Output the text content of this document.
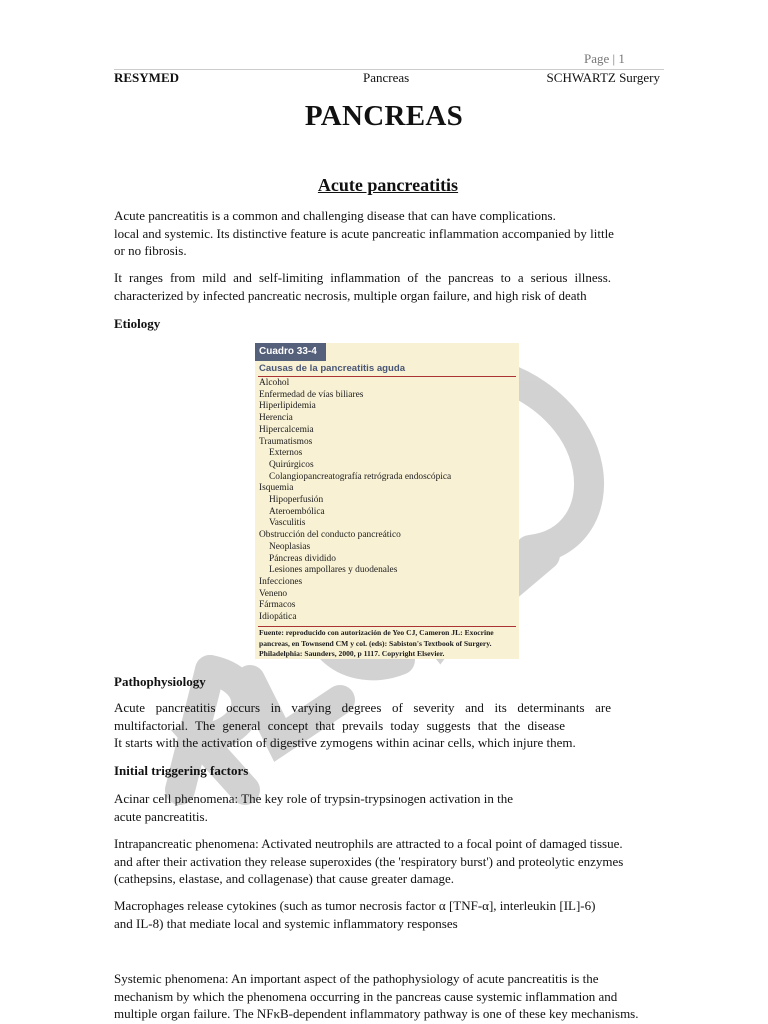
Page | 1
RESYMED	Pancreas	SCHWARTZ Surgery
PANCREAS
Acute pancreatitis

Acute pancreatitis is a common and challenging disease that can have complications.
local and systemic. Its distinctive feature is acute pancreatic inflammation accompanied by little
or no fibrosis.

It ranges from mild and self-limiting inflammation of the pancreas to a serious illness.
characterized by infected pancreatic necrosis, multiple organ failure, and high risk of death

Etiology
Cuadro 33-4
Causas de la pancreatitis aguda
Alcohol
Enfermedad de vías biliares
Hiperlipidemia
Herencia
Hipercalcemia
Traumatismos
Externos
Quirúrgicos
Colangiopancreatografía retrógrada endoscópica
Isquemia
Hipoperfusión
Ateroembólica
Vasculitis
Obstrucción del conducto pancreático
Neoplasias
Páncreas dividido
Lesiones ampollares y duodenales
Infecciones
Veneno
Fármacos
Idiopática
Fuente: reproducido con autorización de Yeo CJ, Cameron JL: Exocrine
pancreas, en Townsend CM y col. (eds): Sabiston's Textbook of Surgery.
Philadelphia: Saunders, 2000, p 1117. Copyright Elsevier.
Pathophysiology

Acute pancreatitis occurs in varying degrees of severity and its determinants are
multifactorial. The general concept that prevails today suggests that the disease
It starts with the activation of digestive zymogens within acinar cells, which injure them.

Initial triggering factors

Acinar cell phenomena: The key role of trypsin-trypsinogen activation in the
acute pancreatitis.

Intrapancreatic phenomena: Activated neutrophils are attracted to a focal point of damaged tissue.
and after their activation they release superoxides (the 'respiratory burst') and proteolytic enzymes
(cathepsins, elastase, and collagenase) that cause greater damage.

Macrophages release cytokines (such as tumor necrosis factor α [TNF-α], interleukin [IL]-6)
and IL-8) that mediate local and systemic inflammatory responses

Systemic phenomena: An important aspect of the pathophysiology of acute pancreatitis is the
mechanism by which the phenomena occurring in the pancreas cause systemic inflammation and
multiple organ failure. The NFκB-dependent inflammatory pathway is one of these key mechanisms.
